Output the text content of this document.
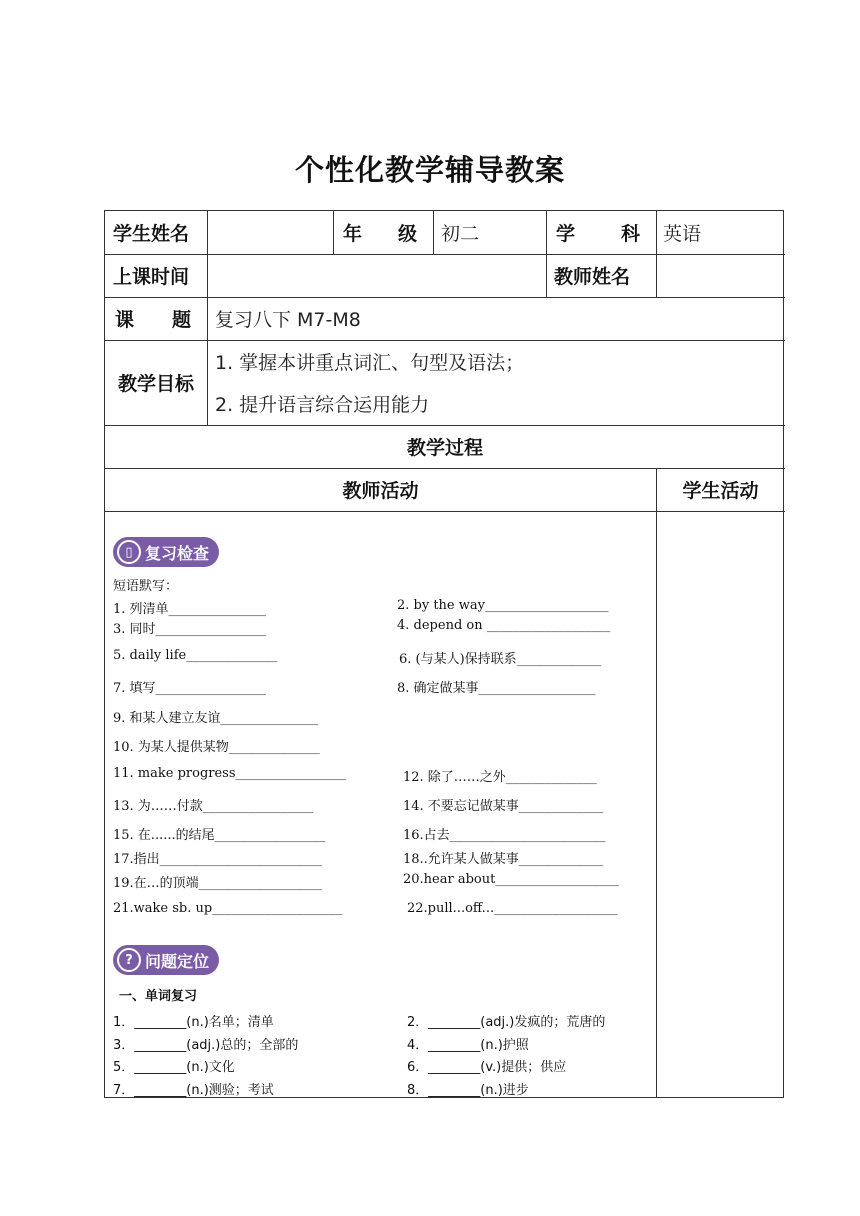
个性化教学辅导教案
学生姓名	年 级 初二	学 科 英语
上课时间	教师姓名
课 题 复习八下 M7-M8
教学目标
1. 掌握本讲重点词汇、句型及语法；
2. 提升语言综合运用能力
教学过程
教师活动	学生活动
▯ 复习检查
短语默写：
1. 列清单_______________	2. by the way___________________
3. 同时_________________	4. depend on ___________________
5. daily life______________	6. (与某人)保持联系_____________
7. 填写_________________	8. 确定做某事__________________
9. 和某人建立友谊_______________
10. 为某人提供某物______________
11. make progress_________________	12. 除了……之外______________
13. 为……付款_________________	14. 不要忘记做某事_____________
15. 在......的结尾_________________	16.占去________________________
17.指出_________________________	18..允许某人做某事_____________
19.在…的顶端___________________	20.hear about___________________
21.wake sb. up____________________	22.pull...off...___________________
? 问题定位
一、单词复习
1．________(n.)名单；清单	2．________(adj.)发疯的；荒唐的
3．________(adj.)总的；全部的	4．________(n.)护照
5．________(n.)文化	6．________(v.)提供；供应
7．________(n.)测验；考试	8．________(n.)进步
